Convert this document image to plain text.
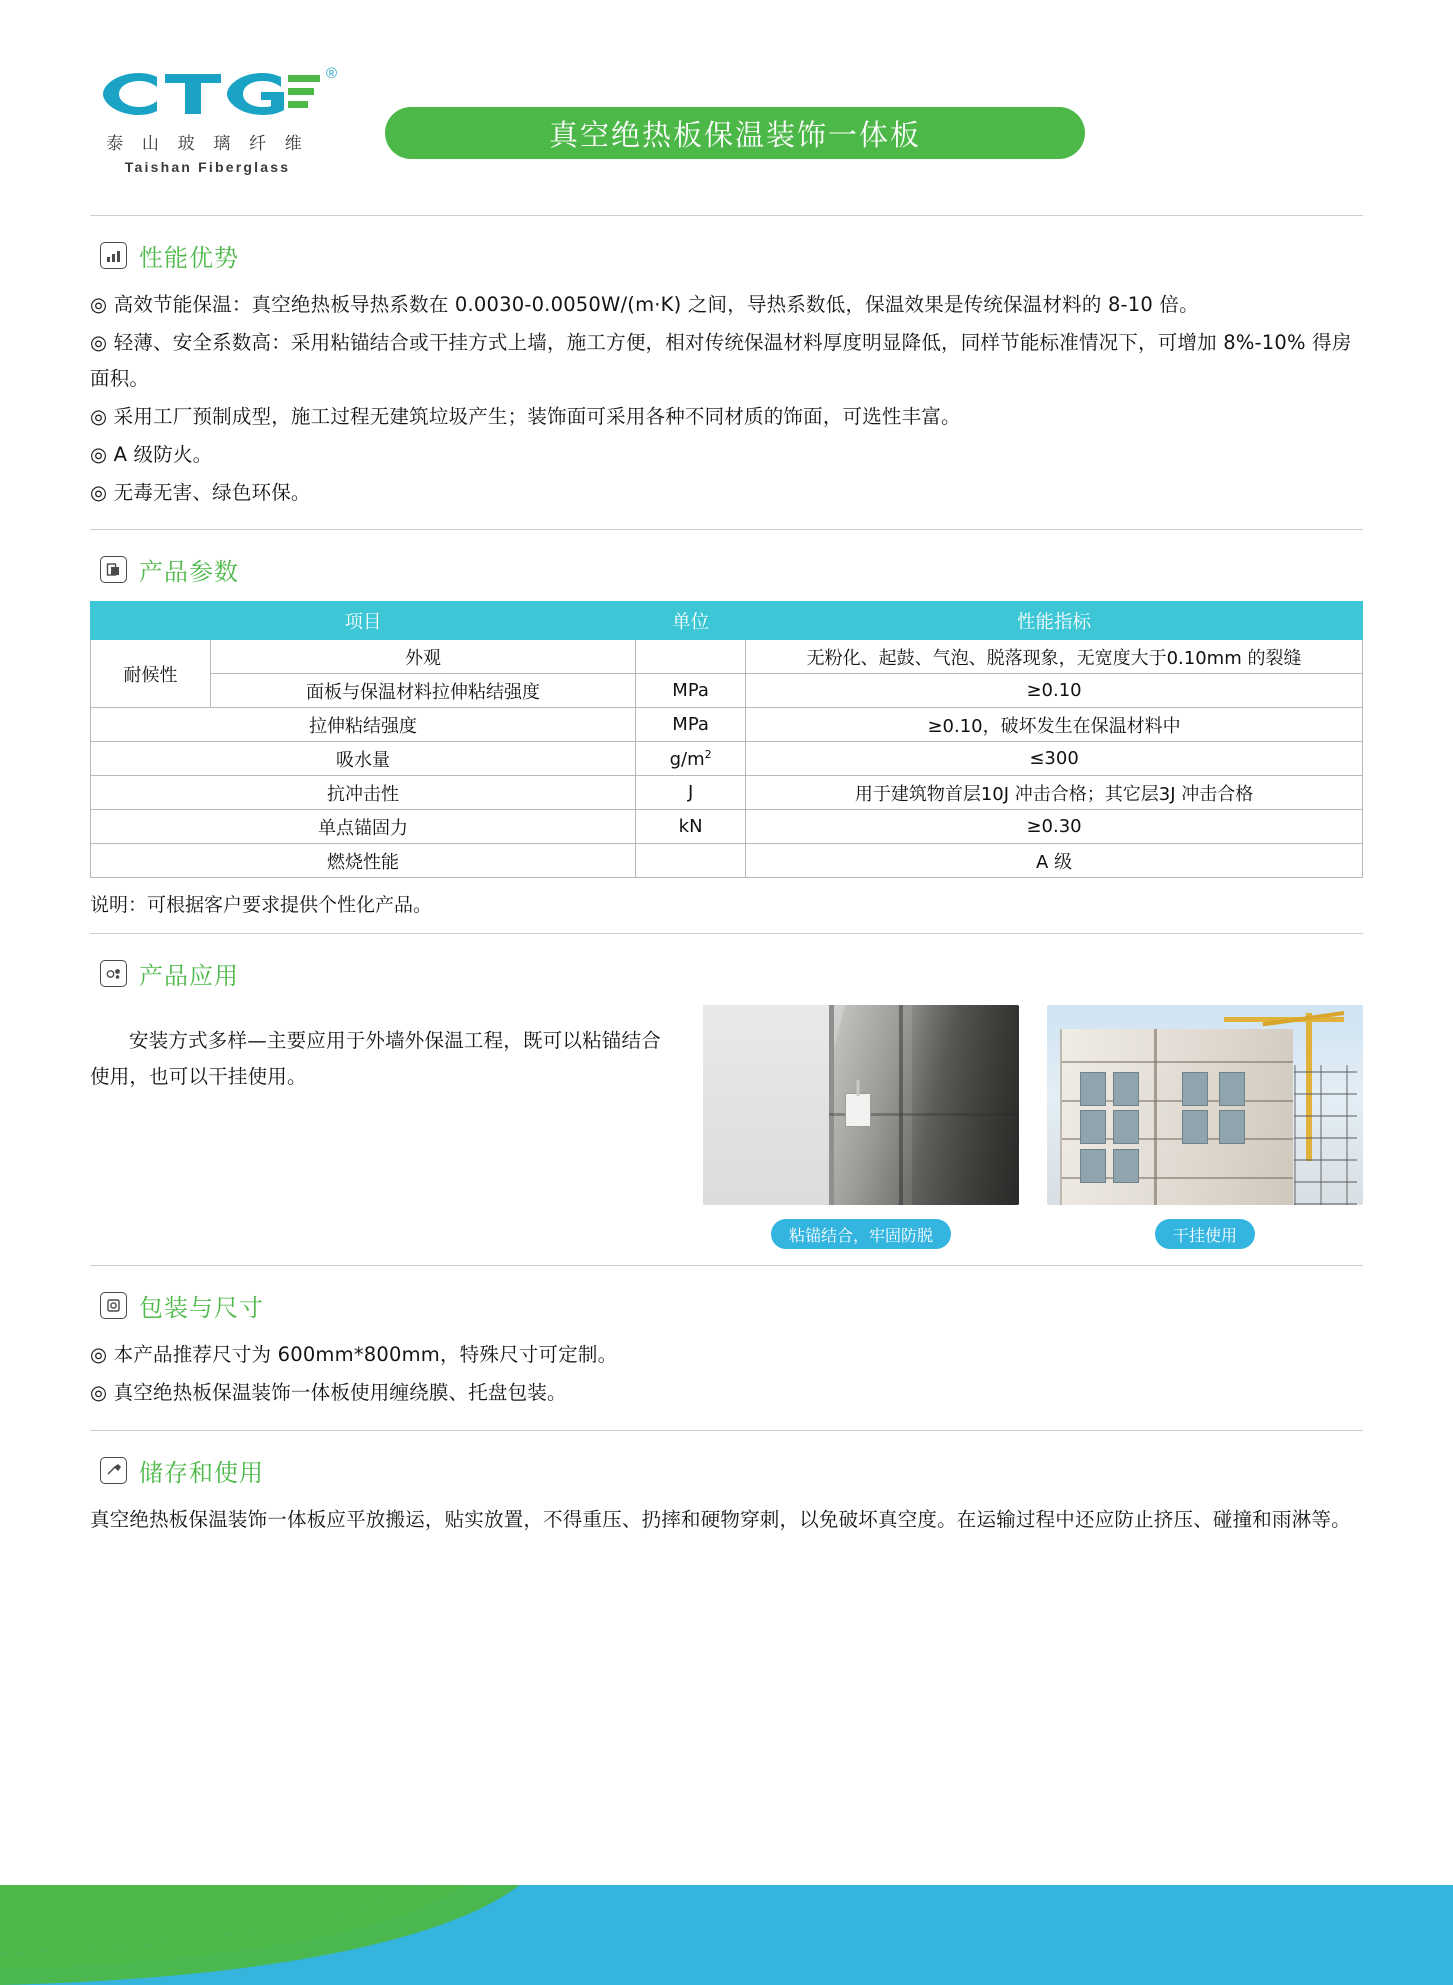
®
泰 山 玻 璃 纤 维
Taishan Fiberglass
真空绝热板保温装饰一体板
性能优势

◎ 高效节能保温：真空绝热板导热系数在 0.0030-0.0050W/(m·K) 之间，导热系数低，保温效果是传统保温材料的 8-10 倍。

◎ 轻薄、安全系数高：采用粘锚结合或干挂方式上墙，施工方便，相对传统保温材料厚度明显降低，同样节能标准情况下，可增加 8%-10% 得房面积。

◎ 采用工厂预制成型，施工过程无建筑垃圾产生；装饰面可采用各种不同材质的饰面，可选性丰富。

◎ A 级防火。

◎ 无毒无害、绿色环保。

产品参数
项目		单位	性能指标
耐候性	外观		无粉化、起鼓、气泡、脱落现象，无宽度大于0.10mm 的裂缝
	面板与保温材料拉伸粘结强度	MPa	≥0.10
拉伸粘结强度		MPa	≥0.10，破坏发生在保温材料中
吸水量		$g/m^2$	≤300
抗冲击性		J	用于建筑物首层10J 冲击合格；其它层3J 冲击合格
单点锚固力		kN	≥0.30
燃烧性能			A 级
说明：可根据客户要求提供个性化产品。
产品应用

安装方式多样—主要应用于外墙外保温工程，既可以粘锚结合使用，也可以干挂使用。

粘锚结合，牢固防脱	干挂使用
包装与尺寸

◎ 本产品推荐尺寸为 600mm*800mm，特殊尺寸可定制。

◎ 真空绝热板保温装饰一体板使用缠绕膜、托盘包装。

储存和使用

真空绝热板保温装饰一体板应平放搬运，贴实放置，不得重压、扔摔和硬物穿刺，以免破坏真空度。在运输过程中还应防止挤压、碰撞和雨淋等。
